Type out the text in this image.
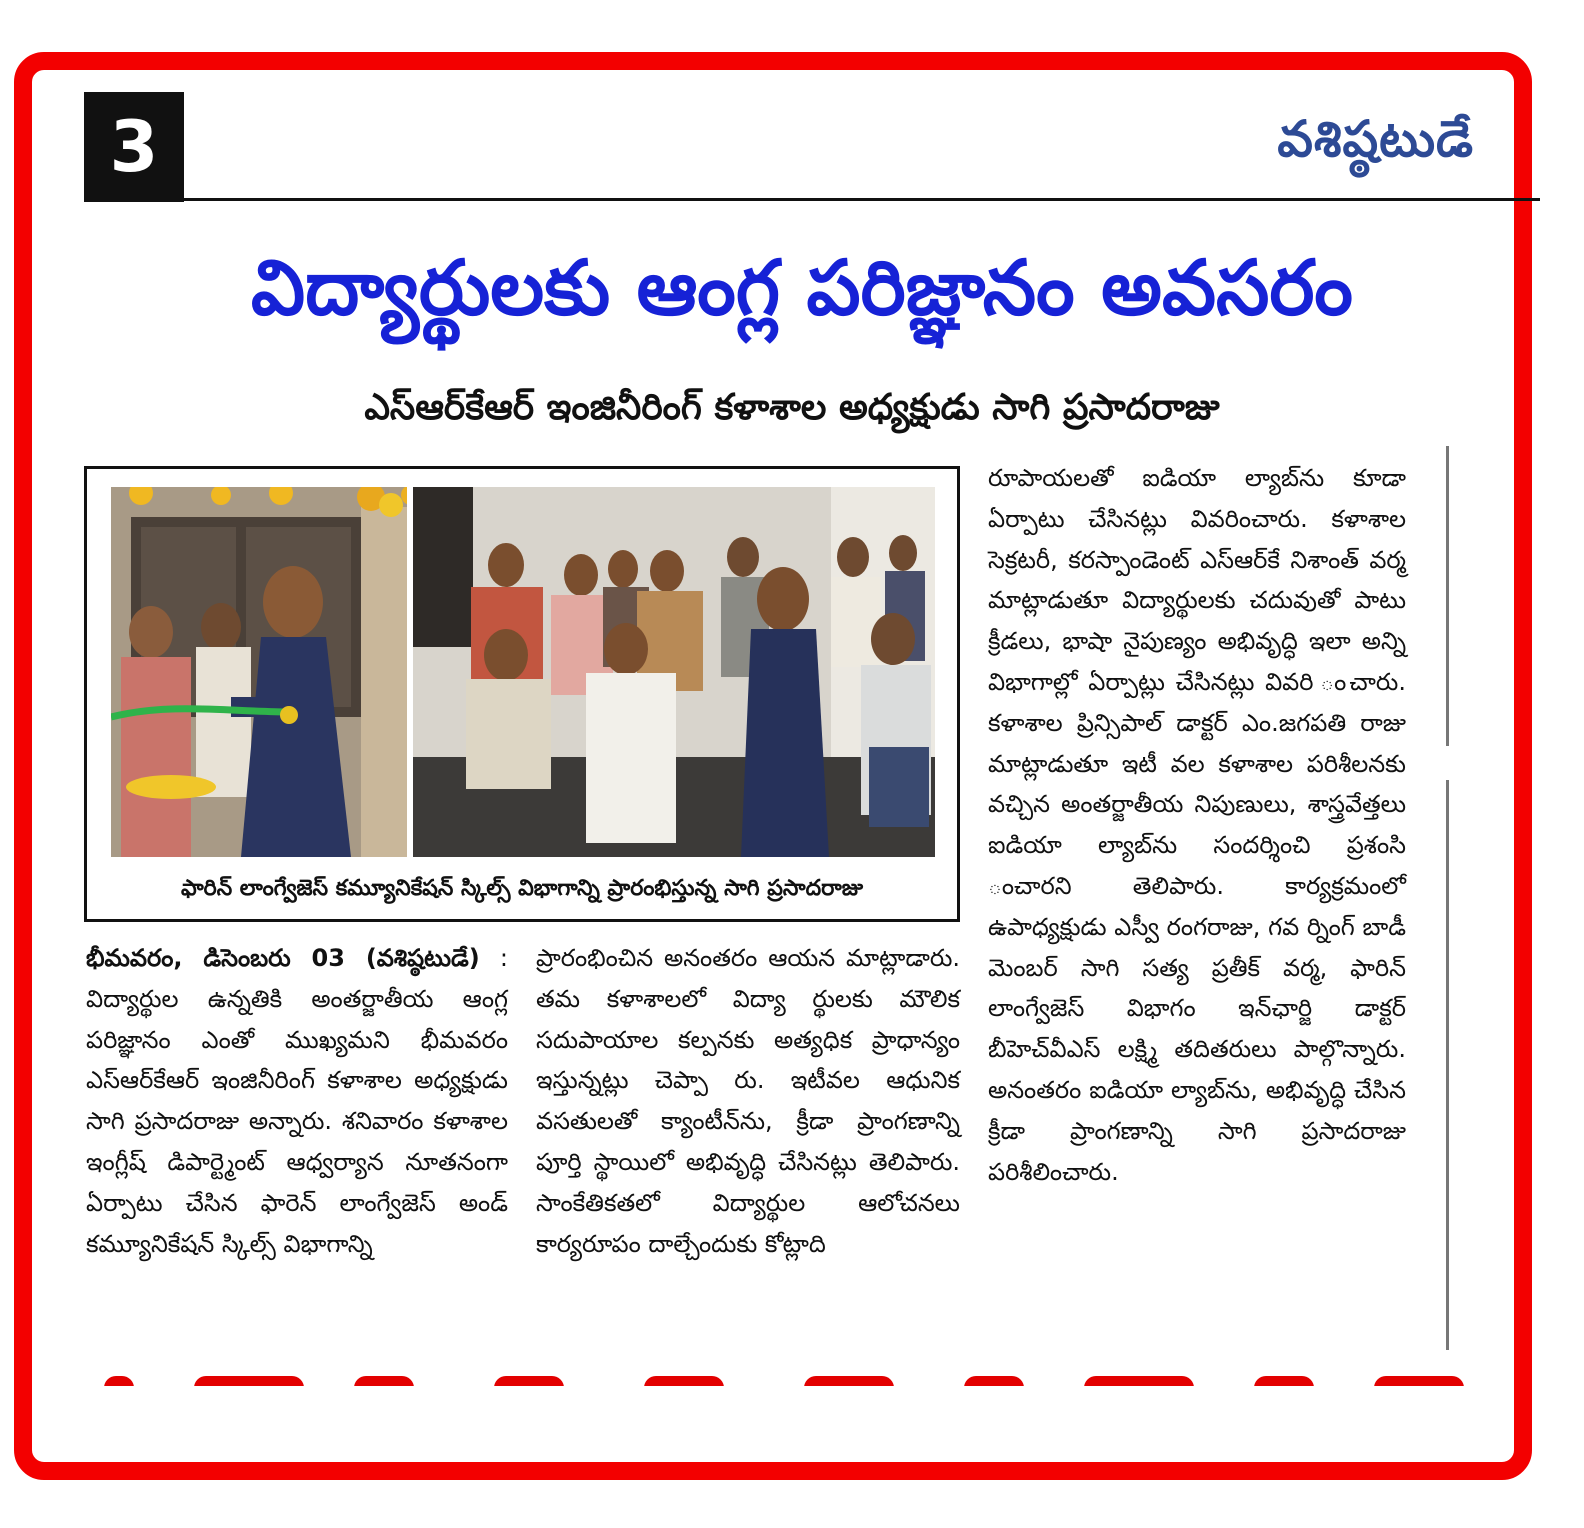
3	వశిష్ఠటుడే
విద్యార్థులకు ఆంగ్ల పరిజ్ఞానం అవసరం
ఎస్ఆర్‌కేఆర్ ఇంజినీరింగ్ కళాశాల అధ్యక్షుడు సాగి ప్రసాదరాజు
ఫారిన్ లాంగ్వేజెస్ కమ్యూనికేషన్ స్కిల్స్ విభాగాన్ని ప్రారంభిస్తున్న సాగి ప్రసాదరాజు
భీమవరం, డిసెంబరు 03 (వశిష్ఠటుడే) : విద్యార్థుల ఉన్నతికి అంతర్జాతీయ ఆంగ్ల పరిజ్ఞానం ఎంతో ముఖ్యమని భీమవరం ఎస్ఆర్‌కేఆర్ ఇంజినీరింగ్ కళాశాల అధ్యక్షుడు సాగి ప్రసాదరాజు అన్నారు. శనివారం కళాశాల ఇంగ్లీష్ డిపార్ట్మెంట్ ఆధ్వర్యాన నూతనంగా ఏర్పాటు చేసిన ఫారెన్ లాంగ్వేజెస్ అండ్ కమ్యూనికేషన్ స్కిల్స్ విభాగాన్ని
ప్రారంభించిన అనంతరం ఆయన మాట్లాడారు. తమ కళాశాలలో విద్యా ర్థులకు మౌలిక సదుపాయాల కల్పనకు అత్యధిక ప్రాధాన్యం ఇస్తున్నట్లు చెప్పా రు. ఇటీవల ఆధునిక వసతులతో క్యాంటీన్‌ను, క్రీడా ప్రాంగణాన్ని పూర్తి స్థాయిలో అభివృద్ధి చేసినట్లు తెలిపారు. సాంకేతికతలో విద్యార్థుల ఆలోచనలు కార్యరూపం దాల్చేందుకు కోట్లాది
రూపాయలతో ఐడియా ల్యాబ్‌ను కూడా ఏర్పాటు చేసినట్లు వివరించారు. కళాశాల సెక్రటరీ, కరస్పాండెంట్ ఎస్ఆర్‌కే నిశాంత్ వర్మ మాట్లాడుతూ విద్యార్థులకు చదువుతో పాటు క్రీడలు, భాషా నైపుణ్యం అభివృద్ధి ఇలా అన్ని విభాగాల్లో ఏర్పాట్లు చేసినట్లు వివరి ంచారు. కళాశాల ప్రిన్సిపాల్ డాక్టర్ ఎం.జగపతి రాజు మాట్లాడుతూ ఇటీ వల కళాశాల పరిశీలనకు వచ్చిన అంతర్జాతీయ నిపుణులు, శాస్త్రవేత్తలు ఐడియా ల్యాబ్‌ను సందర్శించి ప్రశంసి ంచారని తెలిపారు. కార్యక్రమంలో ఉపాధ్యక్షుడు ఎస్వీ రంగరాజు, గవ ర్నింగ్ బాడీ మెంబర్ సాగి సత్య ప్రతీక్ వర్మ, ఫారిన్ లాంగ్వేజెస్ విభాగం ఇన్‌ఛార్జి డాక్టర్ బీహెచ్‌వీఎస్ లక్ష్మి తదితరులు పాల్గొన్నారు. అనంతరం ఐడియా ల్యాబ్‌ను, అభివృద్ధి చేసిన క్రీడా ప్రాంగణాన్ని సాగి ప్రసాదరాజు పరిశీలించారు.
